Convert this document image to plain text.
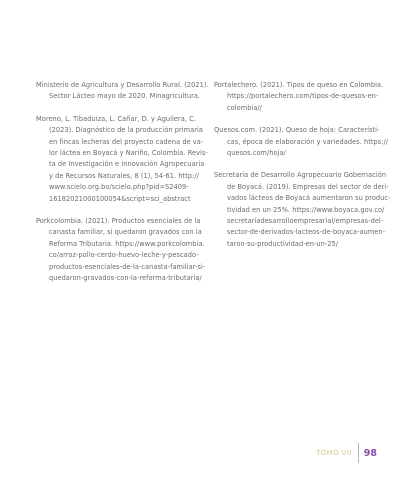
Ministerio de Agricultura y Desarrollo Rural. (2021).
Sector Lácteo mayo de 2020. Minagricultura.
Moreno, L. Tibaduiza, L. Cañar, D. y Aguilera, C.
(2023). Diagnóstico de la producción primaria
en fincas lecheras del proyecto cadena de va-
lor láctea en Boyacá y Nariño, Colombia. Revis-
ta de Investigación e Innovación Agropecuaria
y de Recursos Naturales, 8 (1), 54-61. http://
www.scielo.org.bo/scielo.php?pid=S2409-
16182021000100054&script=sci_abstract
Porkcolombia. (2021). Productos esenciales de la
canasta familiar, si quedaron gravados con la
Reforma Tributaria. https://www.porkcolombia.
co/arroz-pollo-cerdo-huevo-leche-y-pescado-
productos-esenciales-de-la-canasta-familiar-si-
quedaron-gravados-con-la-reforma-tributaria/
Portalechero. (2021). Tipos de queso en Colombia.
https://portalechero.com/tipos-de-quesos-en-
colombia//
Quesos.com. (2021). Queso de hoja: Característi-
cas, época de elaboración y variedades. https://
quesos.com/hoja/
Secretaría de Desarrollo Agropecuario Gobernación
de Boyacá. (2019). Empresas del sector de deri-
vados lácteos de Boyacá aumentaron su produc-
tividad en un 25%. https://www.boyaca.gov.co/
secretariadesarrolloempresarial/empresas-del-
sector-de-derivados-lacteos-de-boyaca-aumen-
taron-su-productividad-en-un-25/
TOMO VII 98
